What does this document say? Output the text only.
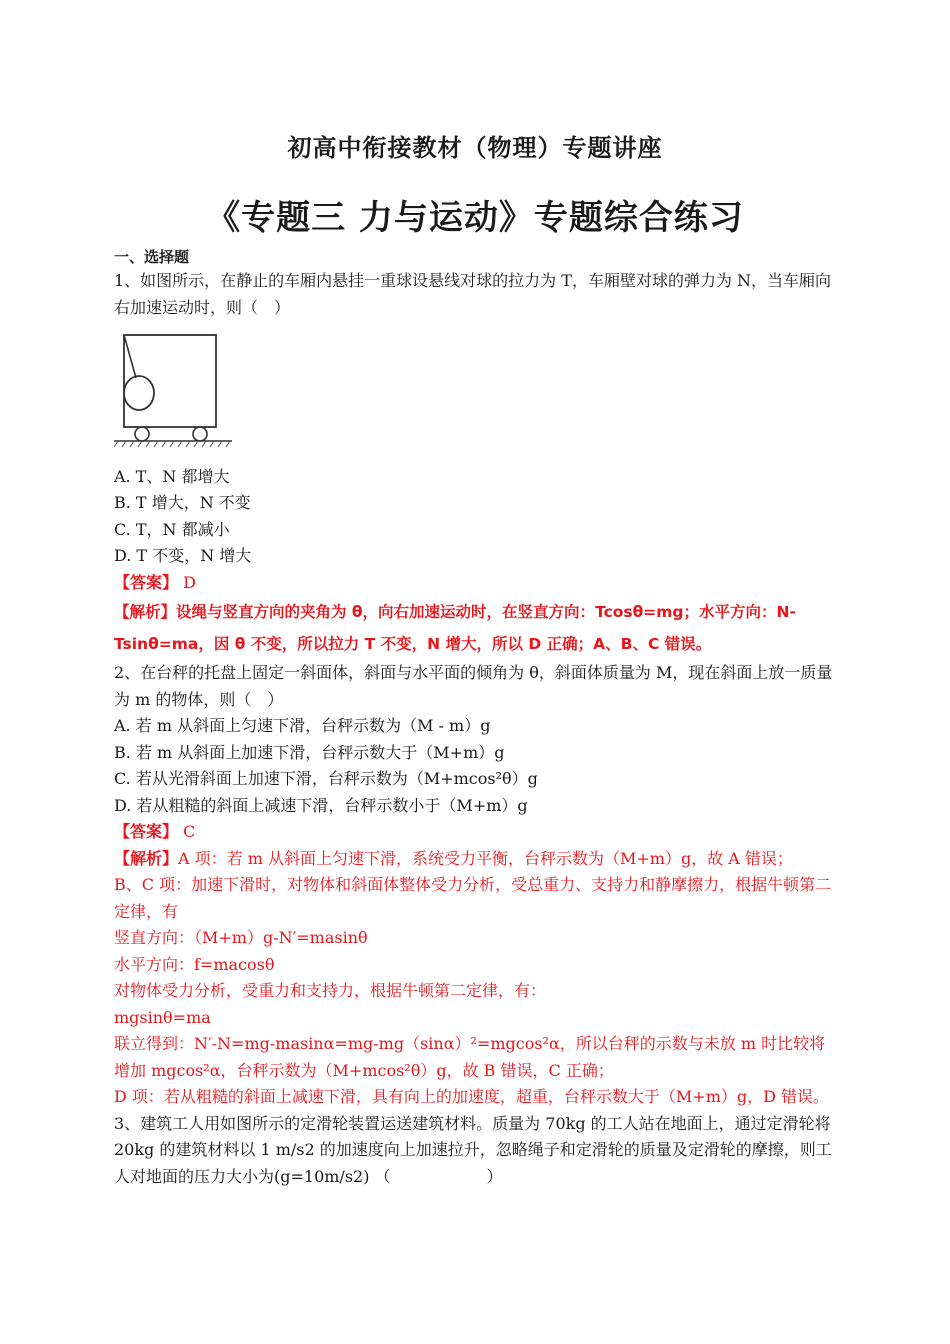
初高中衔接教材（物理）专题讲座
《专题三 力与运动》专题综合练习

一、选择题

1、如图所示，在静止的车厢内悬挂一重球设悬线对球的拉力为 T，车厢壁对球的弹力为 N，当车厢向右加速运动时，则（　）

A. T、N 都增大

B. T 增大，N 不变

C. T，N 都减小

D. T 不变，N 增大

【答案】 D

【解析】设绳与竖直方向的夹角为 θ，向右加速运动时，在竖直方向：Tcosθ=mg；水平方向：N-Tsinθ=ma，因 θ 不变，所以拉力 T 不变，N 增大，所以 D 正确；A、B、C 错误。

2、在台秤的托盘上固定一斜面体，斜面与水平面的倾角为 θ，斜面体质量为 M，现在斜面上放一质量为 m 的物体，则（　）

A. 若 m 从斜面上匀速下滑，台秤示数为（M - m）g

B. 若 m 从斜面上加速下滑，台秤示数大于（M+m）g

C. 若从光滑斜面上加速下滑，台秤示数为（M+mcos²θ）g

D. 若从粗糙的斜面上减速下滑，台秤示数小于（M+m）g

【答案】 C

【解析】A 项：若 m 从斜面上匀速下滑，系统受力平衡，台秤示数为（M+m）g，故 A 错误；

B、C 项：加速下滑时，对物体和斜面体整体受力分析，受总重力、支持力和静摩擦力，根据牛顿第二定律，有

竖直方向：（M+m）g-N′=masinθ

水平方向：f=macosθ

对物体受力分析，受重力和支持力，根据牛顿第二定律，有：

mgsinθ=ma

联立得到：N′-N=mg-masinα=mg-mg（sinα）²=mgcos²α，所以台秤的示数与未放 m 时比较将增加 mgcos²α，台秤示数为（M+mcos²θ）g，故 B 错误，C 正确；

D 项：若从粗糙的斜面上减速下滑，具有向上的加速度，超重，台秤示数大于（M+m）g，D 错误。

3、建筑工人用如图所示的定滑轮装置运送建筑材料。质量为 70kg 的工人站在地面上，通过定滑轮将 20kg 的建筑材料以 1 m/s2 的加速度向上加速拉升，忽略绳子和定滑轮的质量及定滑轮的摩擦，则工人对地面的压力大小为(g=10m/s2) （　　　　　　）
